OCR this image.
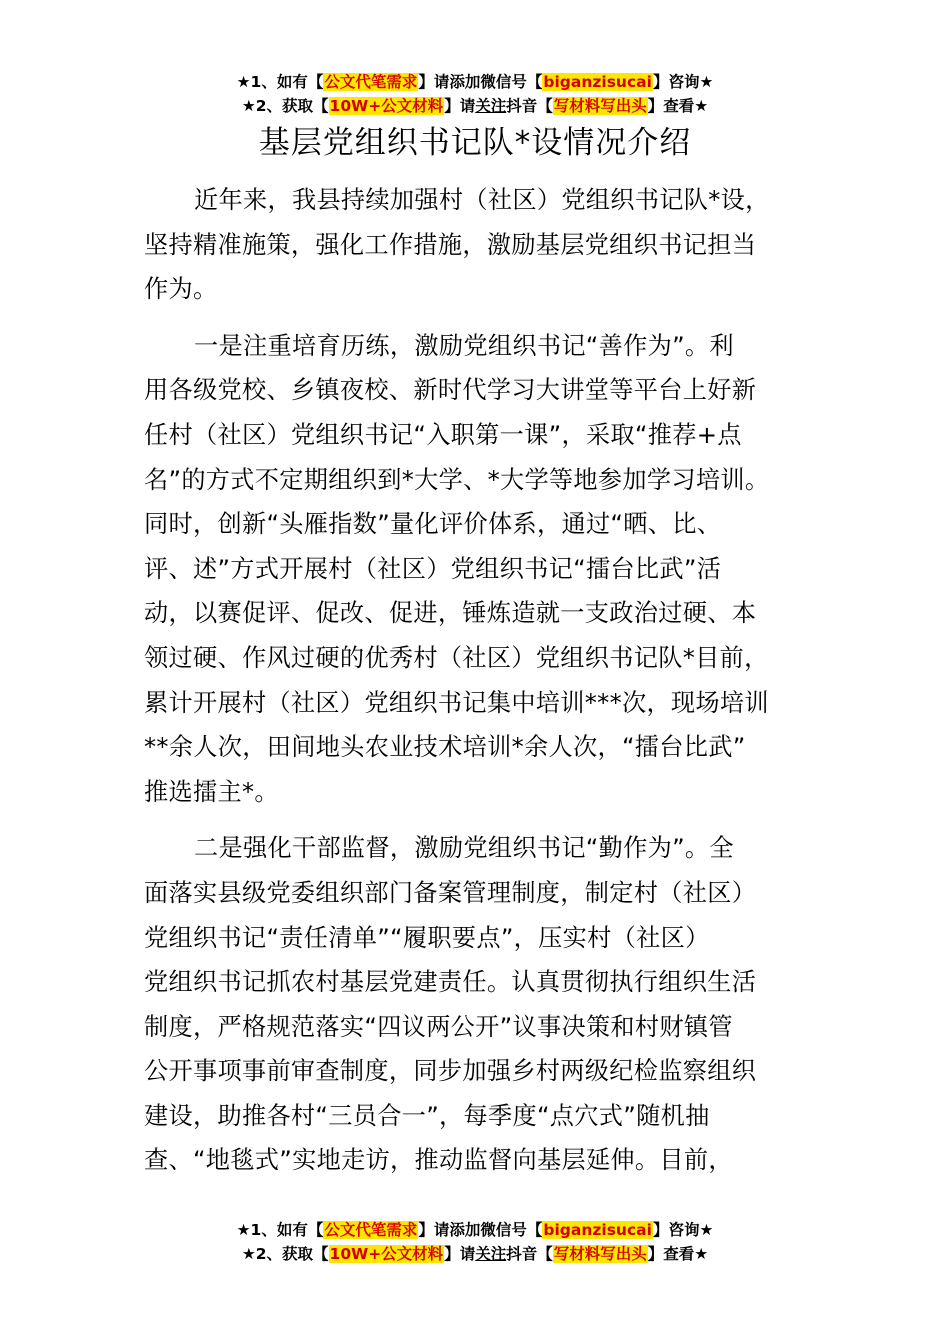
★1、如有【公文代笔需求】请添加微信号【biganzisucai】咨询★
★2、获取【10W+公文材料】请关注抖音【写材料写出头】查看★
基层党组织书记队*设情况介绍
近年来，我县持续加强村（社区）党组织书记队*设，
坚持精准施策，强化工作措施，激励基层党组织书记担当
作为。
一是注重培育历练，激励党组织书记“善作为”。利
用各级党校、乡镇夜校、新时代学习大讲堂等平台上好新
任村（社区）党组织书记“入职第一课”，采取“推荐+点
名”的方式不定期组织到*大学、*大学等地参加学习培训。
同时，创新“头雁指数”量化评价体系，通过“晒、比、
评、述”方式开展村（社区）党组织书记“擂台比武”活
动，以赛促评、促改、促进，锤炼造就一支政治过硬、本
领过硬、作风过硬的优秀村（社区）党组织书记队*目前，
累计开展村（社区）党组织书记集中培训***次，现场培训
**余人次，田间地头农业技术培训*余人次，“擂台比武”
推选擂主*。
二是强化干部监督，激励党组织书记“勤作为”。全
面落实县级党委组织部门备案管理制度，制定村（社区）
党组织书记“责任清单”“履职要点”，压实村（社区）
党组织书记抓农村基层党建责任。认真贯彻执行组织生活
制度，严格规范落实“四议两公开”议事决策和村财镇管
公开事项事前审查制度，同步加强乡村两级纪检监察组织
建设，助推各村“三员合一”，每季度“点穴式”随机抽
查、“地毯式”实地走访，推动监督向基层延伸。目前，
★1、如有【公文代笔需求】请添加微信号【biganzisucai】咨询★
★2、获取【10W+公文材料】请关注抖音【写材料写出头】查看★
